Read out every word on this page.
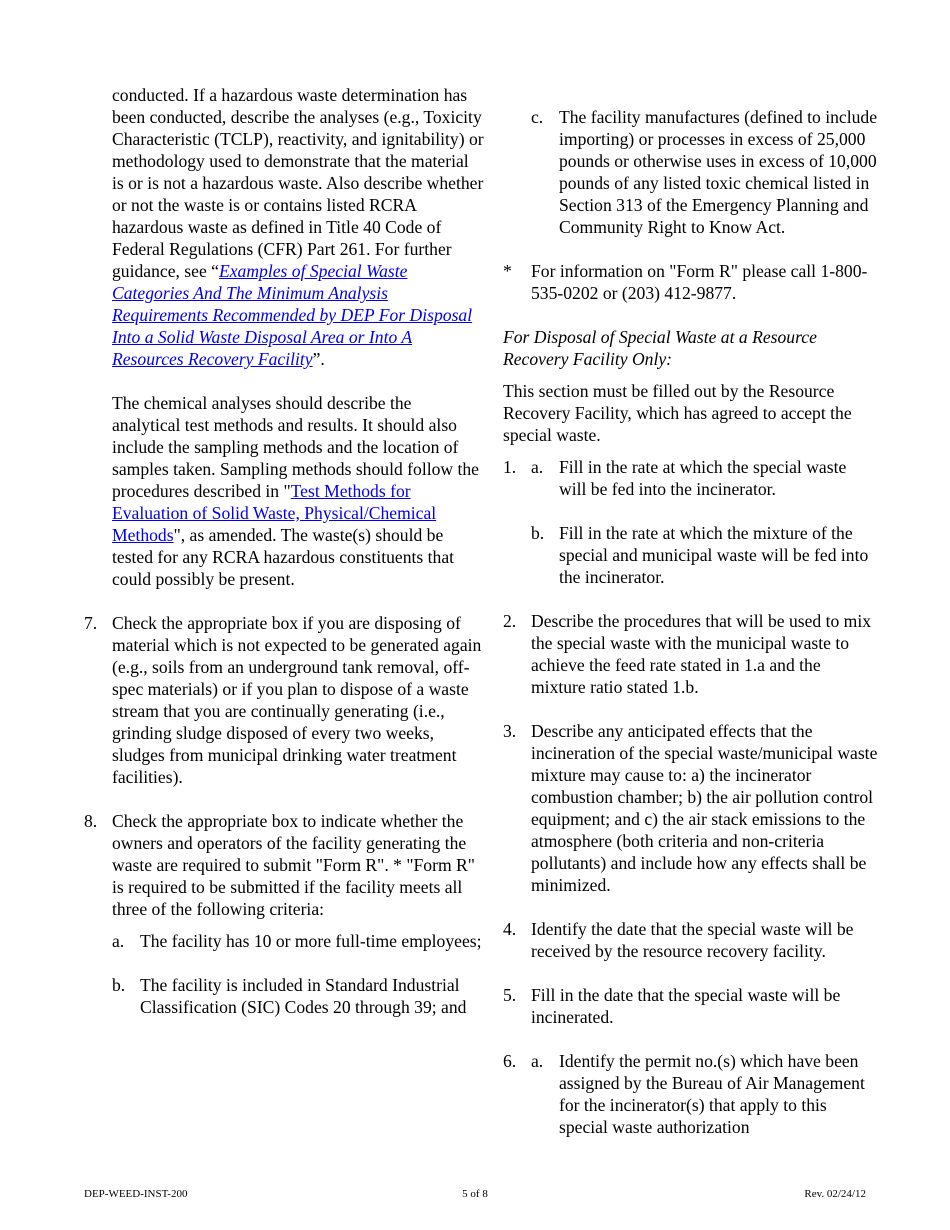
conducted. If a hazardous waste determination has been conducted, describe the analyses (e.g., Toxicity Characteristic (TCLP), reactivity, and ignitability) or methodology used to demonstrate that the material is or is not a hazardous waste. Also describe whether or not the waste is or contains listed RCRA hazardous waste as defined in Title 40 Code of Federal Regulations (CFR) Part 261. For further guidance, see “Examples of Special Waste Categories And The Minimum Analysis Requirements Recommended by DEP For Disposal Into a Solid Waste Disposal Area or Into A Resources Recovery Facility”.

The chemical analyses should describe the analytical test methods and results. It should also include the sampling methods and the location of samples taken. Sampling methods should follow the procedures described in "Test Methods for Evaluation of Solid Waste, Physical/Chemical Methods", as amended. The waste(s) should be tested for any RCRA hazardous constituents that could possibly be present.

7. Check the appropriate box if you are disposing of material which is not expected to be generated again (e.g., soils from an underground tank removal, off-spec materials) or if you plan to dispose of a waste stream that you are continually generating (i.e., grinding sludge disposed of every two weeks, sludges from municipal drinking water treatment facilities).

8. Check the appropriate box to indicate whether the owners and operators of the facility generating the waste are required to submit "Form R". * "Form R" is required to be submitted if the facility meets all three of the following criteria:

a. The facility has 10 or more full-time employees;

b. The facility is included in Standard Industrial Classification (SIC) Codes 20 through 39; and

c. The facility manufactures (defined to include importing) or processes in excess of 25,000 pounds or otherwise uses in excess of 10,000 pounds of any listed toxic chemical listed in Section 313 of the Emergency Planning and Community Right to Know Act.

* For information on "Form R" please call 1-800-535-0202 or (203) 412-9877.

For Disposal of Special Waste at a Resource Recovery Facility Only:

This section must be filled out by the Resource Recovery Facility, which has agreed to accept the special waste.

1. a. Fill in the rate at which the special waste will be fed into the incinerator.

b. Fill in the rate at which the mixture of the special and municipal waste will be fed into the incinerator.

2. Describe the procedures that will be used to mix the special waste with the municipal waste to achieve the feed rate stated in 1.a and the mixture ratio stated 1.b.

3. Describe any anticipated effects that the incineration of the special waste/municipal waste mixture may cause to: a) the incinerator combustion chamber; b) the air pollution control equipment; and c) the air stack emissions to the atmosphere (both criteria and non-criteria pollutants) and include how any effects shall be minimized.

4. Identify the date that the special waste will be received by the resource recovery facility.

5. Fill in the date that the special waste will be incinerated.

6. a. Identify the permit no.(s) which have been assigned by the Bureau of Air Management for the incinerator(s) that apply to this special waste authorization

DEP-WEED-INST-200	5 of 8	Rev. 02/24/12
